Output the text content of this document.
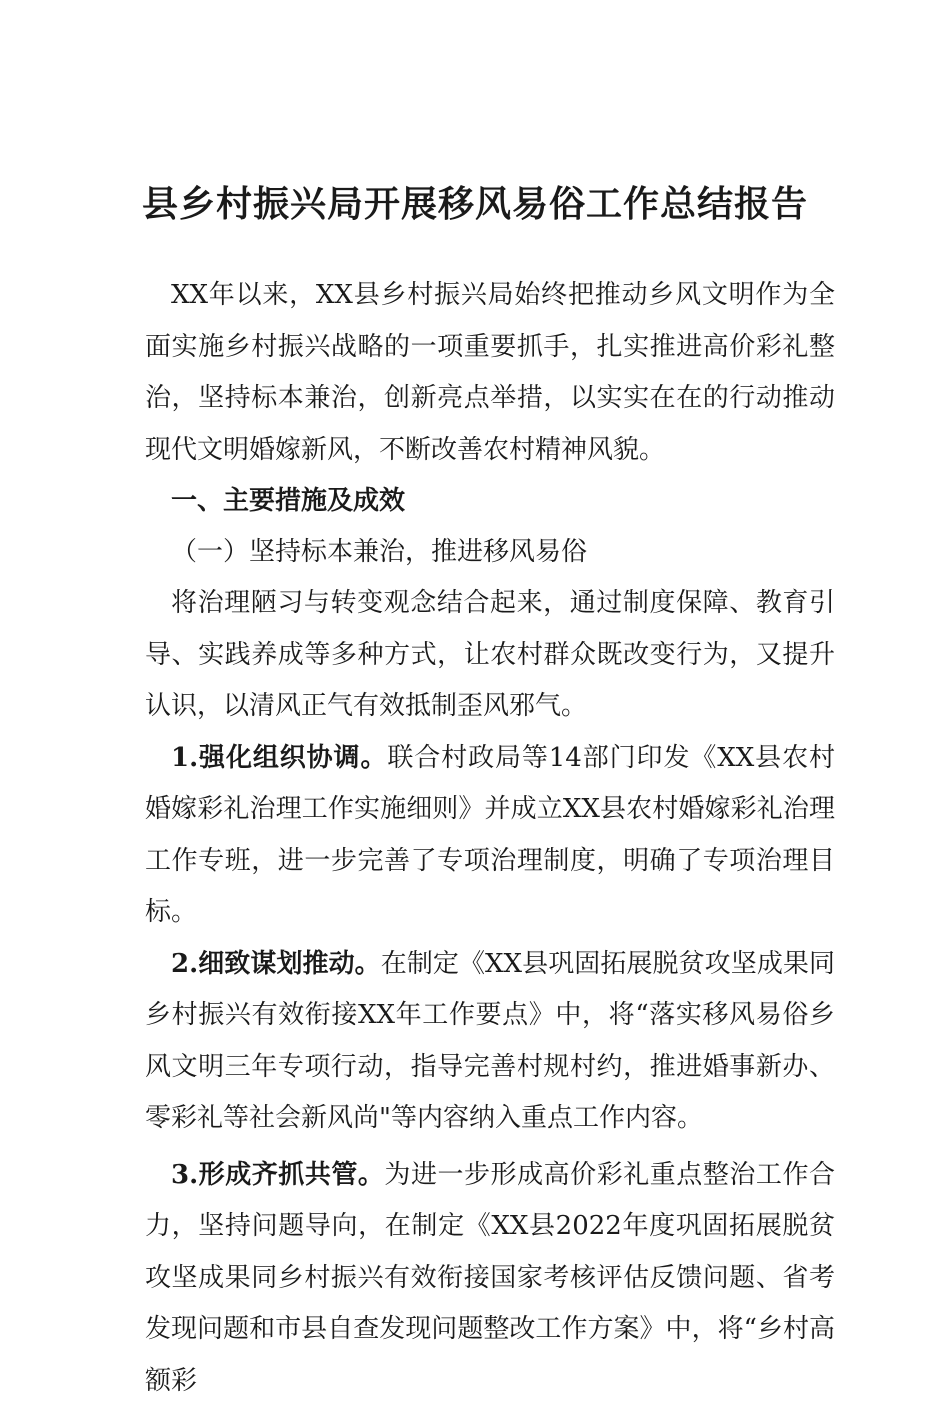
县乡村振兴局开展移风易俗工作总结报告

XX年以来，XX县乡村振兴局始终把推动乡风文明作为全面实施乡村振兴战略的一项重要抓手，扎实推进高价彩礼整治，坚持标本兼治，创新亮点举措，以实实在在的行动推动现代文明婚嫁新风，不断改善农村精神风貌。

一、主要措施及成效

（一）坚持标本兼治，推进移风易俗

将治理陋习与转变观念结合起来，通过制度保障、教育引导、实践养成等多种方式，让农村群众既改变行为，又提升认识，以清风正气有效抵制歪风邪气。

1.强化组织协调。联合村政局等14部门印发《XX县农村婚嫁彩礼治理工作实施细则》并成立XX县农村婚嫁彩礼治理工作专班，进一步完善了专项治理制度，明确了专项治理目标。

2.细致谋划推动。在制定《XX县巩固拓展脱贫攻坚成果同乡村振兴有效衔接XX年工作要点》中，将“落实移风易俗乡风文明三年专项行动，指导完善村规村约，推进婚事新办、零彩礼等社会新风尚"等内容纳入重点工作内容。

3.形成齐抓共管。为进一步形成高价彩礼重点整治工作合力，坚持问题导向，在制定《XX县2022年度巩固拓展脱贫攻坚成果同乡村振兴有效衔接国家考核评估反馈问题、省考发现问题和市县自查发现问题整改工作方案》中，将“乡村高额彩
